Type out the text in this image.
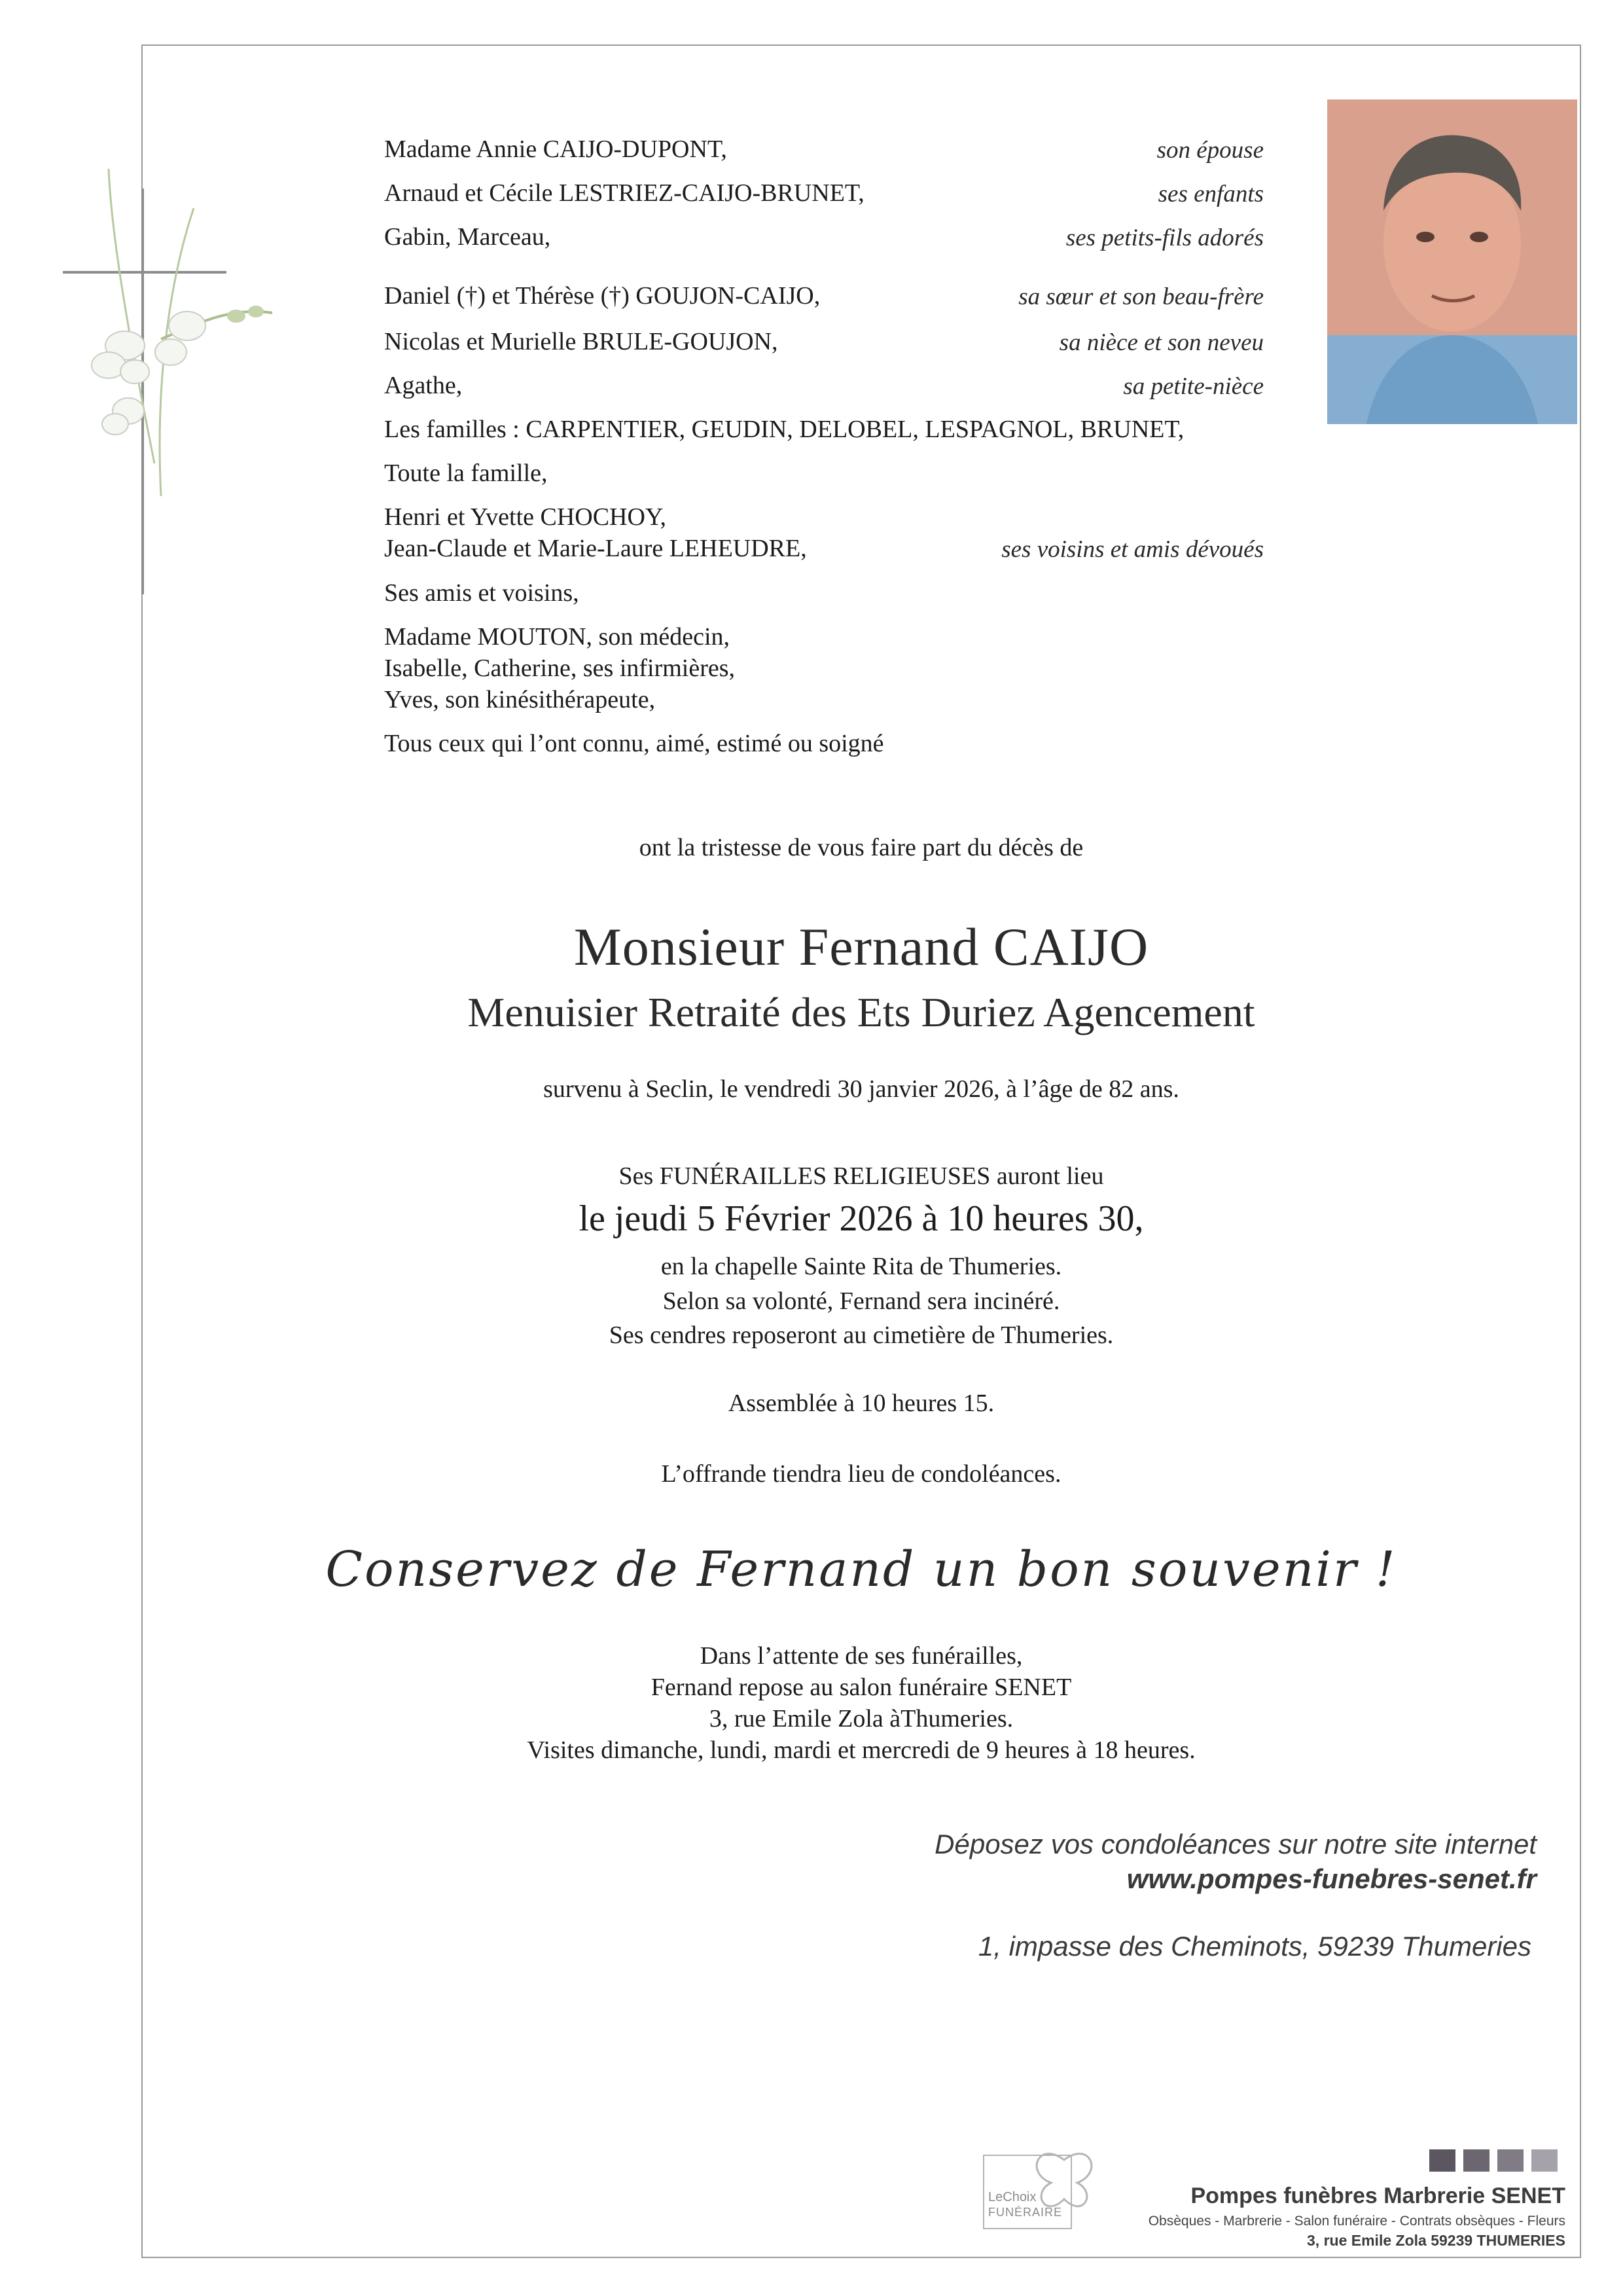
Madame Annie CAIJO-DUPONT,	son épouse
Arnaud et Cécile LESTRIEZ-CAIJO-BRUNET,	ses enfants
Gabin, Marceau,	ses petits-fils adorés
Daniel (†) et Thérèse (†) GOUJON-CAIJO,	sa sœur et son beau-frère
Nicolas et Murielle BRULE-GOUJON,	sa nièce et son neveu
Agathe,	sa petite-nièce
Les familles : CARPENTIER, GEUDIN, DELOBEL, LESPAGNOL, BRUNET,
Toute la famille,
Henri et Yvette CHOCHOY,
Jean-Claude et Marie-Laure LEHEUDRE,	ses voisins et amis dévoués
Ses amis et voisins,
Madame MOUTON, son médecin,
Isabelle, Catherine, ses infirmières,
Yves, son kinésithérapeute,
Tous ceux qui l’ont connu, aimé, estimé ou soigné
ont la tristesse de vous faire part du décès de
Monsieur Fernand CAIJO
Menuisier Retraité des Ets Duriez Agencement
survenu à Seclin, le vendredi 30 janvier 2026, à l’âge de 82 ans.
Ses FUNÉRAILLES RELIGIEUSES auront lieu
le jeudi 5 Février 2026 à 10 heures 30,
en la chapelle Sainte Rita de Thumeries.
Selon sa volonté, Fernand sera incinéré.
Ses cendres reposeront au cimetière de Thumeries.
Assemblée à 10 heures 15.
L’offrande tiendra lieu de condoléances.
Conservez de Fernand un bon souvenir !
Dans l’attente de ses funérailles,
Fernand repose au salon funéraire SENET
3, rue Emile Zola àThumeries.
Visites dimanche, lundi, mardi et mercredi de 9 heures à 18 heures.
Déposez vos condoléances sur notre site internet
www.pompes-funebres-senet.fr
1, impasse des Cheminots, 59239 Thumeries
LeChoix
FUNÉRAIRE
Pompes funèbres Marbrerie SENET
Obsèques - Marbrerie - Salon funéraire - Contrats obsèques - Fleurs
3, rue Emile Zola 59239 THUMERIES
